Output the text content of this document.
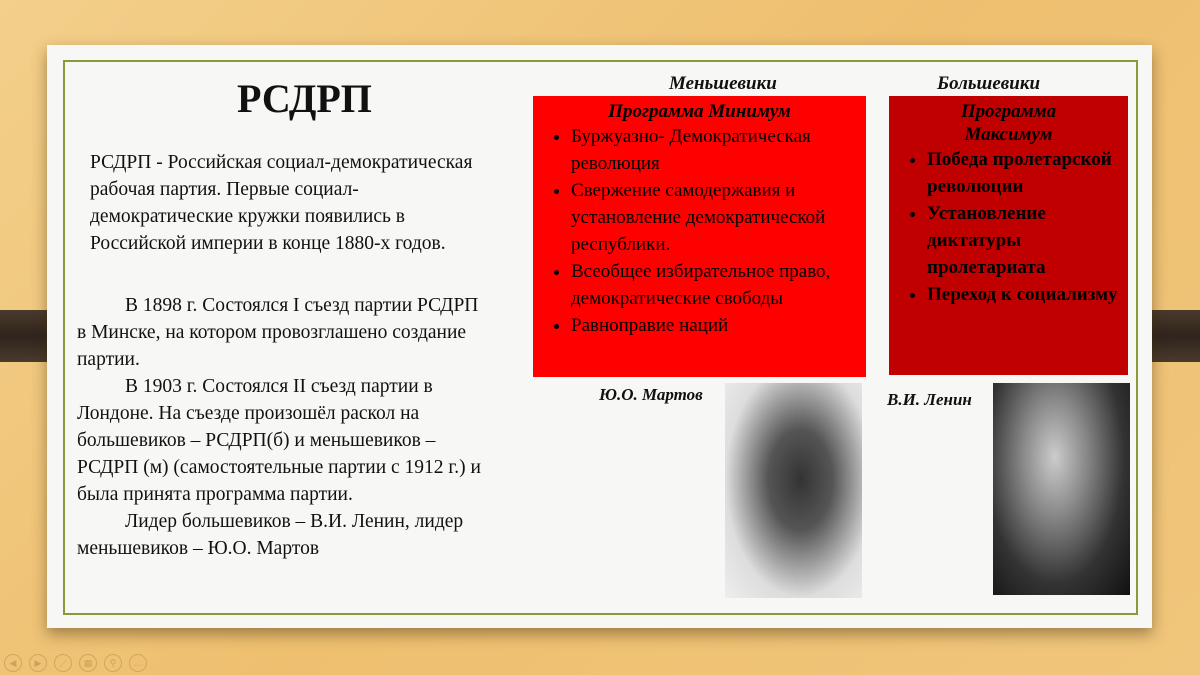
РСДРП
РСДРП - Российская социал-демократическая рабочая партия. Первые социал-демократические кружки появились в Российской империи в конце 1880-х годов.
В 1898 г. Состоялся I съезд партии РСДРП в Минске, на котором провозглашено создание партии.
В 1903 г. Состоялся II съезд партии в Лондоне. На съезде произошёл раскол на большевиков – РСДРП(б) и меньшевиков – РСДРП (м) (самостоятельные партии с 1912 г.) и была принята программа партии.
Лидер большевиков – В.И. Ленин, лидер меньшевиков – Ю.О. Мартов
Меньшевики
Программа Минимум
• Буржуазно- Демократическая революция
• Свержение самодержавия и установление демократической республики.
• Всеобщее избирательное право, демократические свободы
• Равноправие наций
Большевики
Программа Максимум
• Победа пролетарской революции
• Установление диктатуры пролетариата
• Переход к социализму
Ю.О. Мартов	В.И. Ленин
◀	▶	／	▦	⚲	…
